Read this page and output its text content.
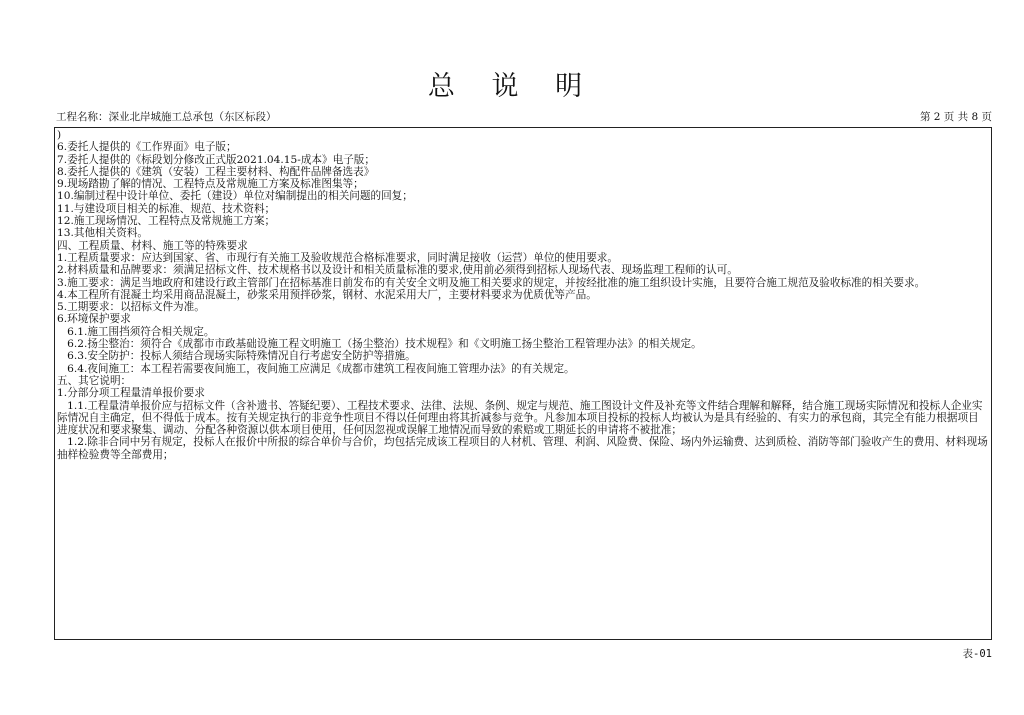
总 说 明
工程名称：深业北岸城施工总承包（东区标段）	第 2 页 共 8 页
)
6.委托人提供的《工作界面》电子版；
7.委托人提供的《标段划分修改正式版2021.04.15-成本》电子版；
8.委托人提供的《建筑（安装）工程主要材料、构配件品牌备选表》
9.现场踏勘了解的情况、工程特点及常规施工方案及标准图集等；
10.编制过程中设计单位、委托（建设）单位对编制提出的相关问题的回复；
11.与建设项目相关的标准、规范、技术资料；
12.施工现场情况、工程特点及常规施工方案；
13.其他相关资料。
四、工程质量、材料、施工等的特殊要求
1.工程质量要求：应达到国家、省、市现行有关施工及验收规范合格标准要求，同时满足接收（运营）单位的使用要求。
2.材料质量和品牌要求：须满足招标文件、技术规格书以及设计和相关质量标准的要求,使用前必须得到招标人现场代表、现场监理工程师的认可。
3.施工要求：满足当地政府和建设行政主管部门在招标基准日前发布的有关安全文明及施工相关要求的规定，并按经批准的施工组织设计实施，且要符合施工规范及验收标准的相关要求。
4.本工程所有混凝土均采用商品混凝土，砂浆采用预拌砂浆，钢材、水泥采用大厂，主要材料要求为优质优等产品。
5.工期要求：以招标文件为准。
6.环境保护要求
6.1.施工围挡须符合相关规定。
6.2.扬尘整治：须符合《成都市市政基础设施工程文明施工（扬尘整治）技术规程》和《文明施工扬尘整治工程管理办法》的相关规定。
6.3.安全防护：投标人须结合现场实际特殊情况自行考虑安全防护等措施。
6.4.夜间施工：本工程若需要夜间施工，夜间施工应满足《成都市建筑工程夜间施工管理办法》的有关规定。
五、其它说明：
1.分部分项工程量清单报价要求
1.1.工程量清单报价应与招标文件（含补遗书、答疑纪要）、工程技术要求、法律、法规、条例、规定与规范、施工图设计文件及补充等文件结合理解和解释，结合施工现场实际情况和投标人企业实际情况自主确定，但不得低于成本。按有关规定执行的非竞争性项目不得以任何理由将其折减参与竞争。凡参加本项目投标的投标人均被认为是具有经验的、有实力的承包商，其完全有能力根据项目进度状况和要求聚集、调动、分配各种资源以供本项目使用，任何因忽视或误解工地情况而导致的索赔或工期延长的申请将不被批准；
1.2.除非合同中另有规定，投标人在报价中所报的综合单价与合价，均包括完成该工程项目的人材机、管理、利润、风险费、保险、场内外运输费、达到质检、消防等部门验收产生的费用、材料现场抽样检验费等全部费用；
表-01
